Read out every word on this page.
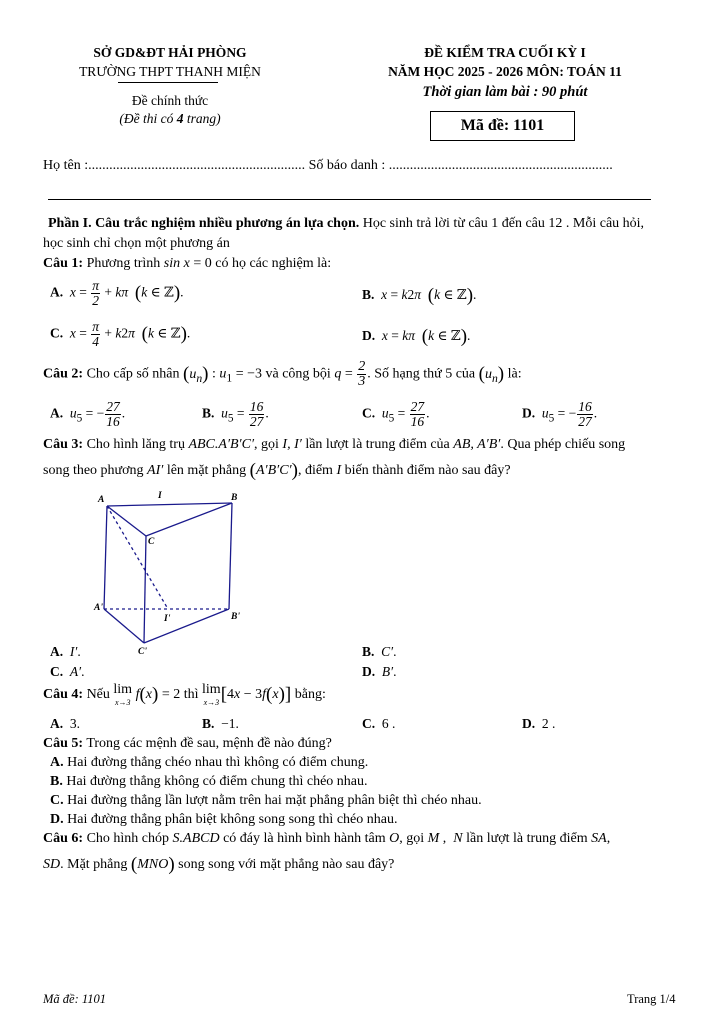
SỞ GD&ĐT HẢI PHÒNG
TRƯỜNG THPT THANH MIỆN
Đề chính thức
(Đề thi có 4 trang)
ĐỀ KIỂM TRA CUỐI KỲ I
NĂM HỌC 2025 - 2026 MÔN: TOÁN 11
Thời gian làm bài : 90 phút
Mã đề: 1101
Họ tên :.............................................................. Số báo danh : ................................................................
Phần I. Câu trắc nghiệm nhiều phương án lựa chọn. Học sinh trả lời từ câu 1 đến câu 12 . Mỗi câu hỏi,
học sinh chỉ chọn một phương án
Câu 1: Phương trình sin x = 0 có họ các nghiệm là:
A. $x = \frac{\pi}{2} + k\pi$ (k ∈ ℤ).	B. x = k2π (k ∈ ℤ).
C. $x = \frac{\pi}{4} + k2\pi$ (k ∈ ℤ).	D. x = kπ (k ∈ ℤ).
Câu 2: Cho cấp số nhân $(u_n)$ : $u_1 = -3$ và công bội $q = \frac{2}{3}$ . Số hạng thứ 5 của $(u_n)$ là:
A. $u_5$ = − $\frac{27}{16}$ .	B. $u_5 = \frac{16}{27}$ .	C. $u_5 = \frac{27}{16}$ .	D. $u_5$ = − $\frac{16}{27}$ .
Câu 3: Cho hình lăng trụ ABC.A′B′C′, gọi I, I′ lần lượt là trung điểm của AB, A′B′. Qua phép chiếu song
song theo phương AI′ lên mặt phẳng (A′B′C′), điểm I biến thành điểm nào sau đây?
A	I	B
C
A'
I'	B'
C'
A. I′.	B. C′.
C. A′.	D. B′.
Câu 4: Nếu lim
x→3 f(x) = 2 thì lim
x→3[4x − 3f(x)] bằng:
A.  3.	B.  −1.	C.  6 .	D.  2 .
Câu 5: Trong các mệnh đề sau, mệnh đề nào đúng?
A. Hai đường thẳng chéo nhau thì không có điểm chung.
B. Hai đường thẳng không có điểm chung thì chéo nhau.
C. Hai đường thẳng lần lượt nằm trên hai mặt phẳng phân biệt thì chéo nhau.
D. Hai đường thẳng phân biệt không song song thì chéo nhau.
Câu 6: Cho hình chóp S.ABCD có đáy là hình bình hành tâm O, gọi M ,  N lần lượt là trung điểm SA,
SD. Mặt phẳng (MNO) song song với mặt phẳng nào sau đây?
Mã đề: 1101	Trang 1/4
